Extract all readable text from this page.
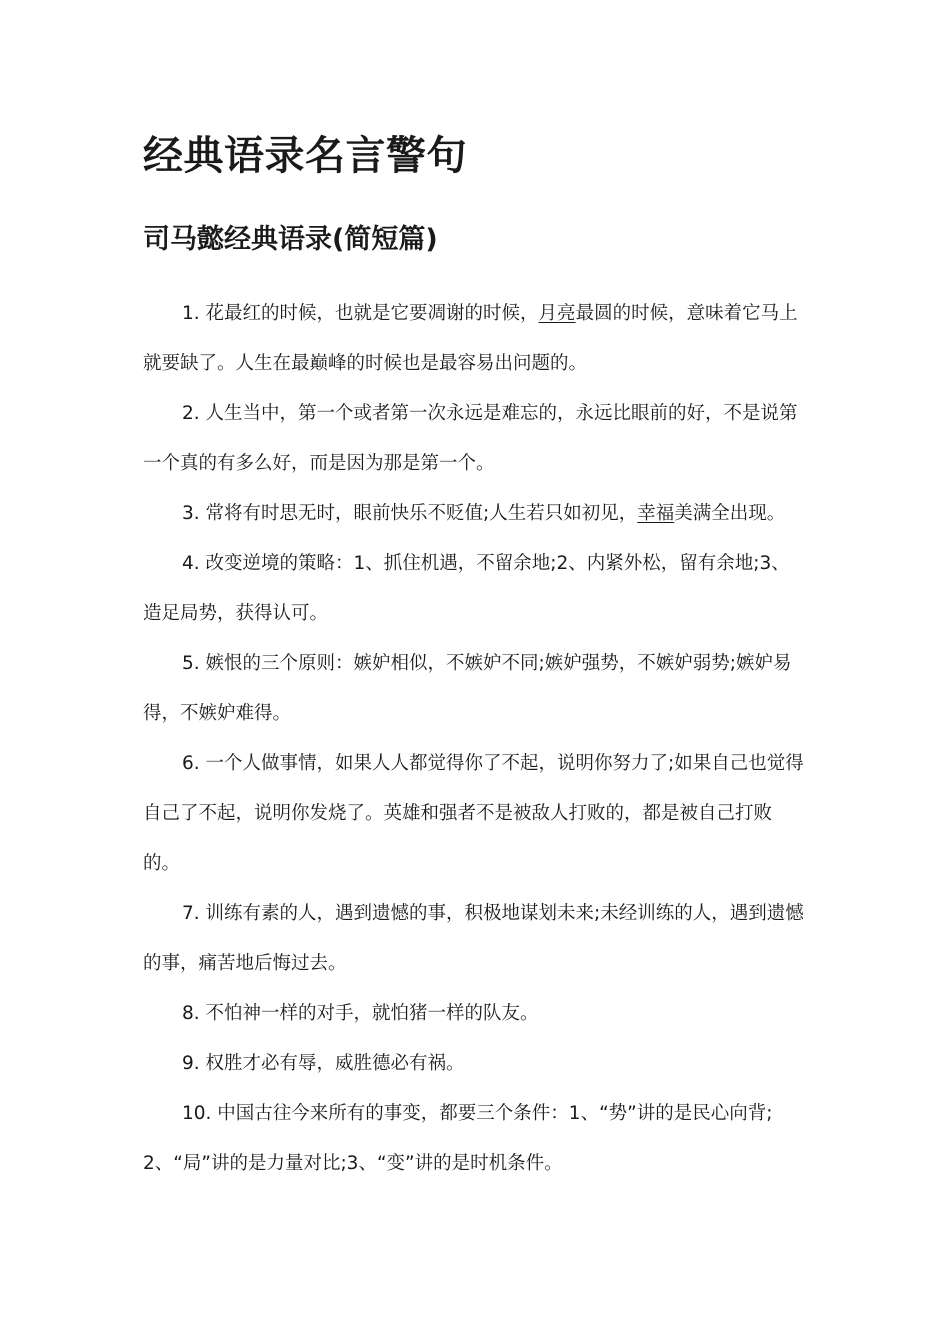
经典语录名言警句
司马懿经典语录(简短篇)

1. 花最红的时候，也就是它要凋谢的时候，月亮最圆的时候，意味着它马上就要缺了。人生在最巅峰的时候也是最容易出问题的。

2. 人生当中，第一个或者第一次永远是难忘的，永远比眼前的好，不是说第一个真的有多么好，而是因为那是第一个。

3. 常将有时思无时，眼前快乐不贬值;人生若只如初见，幸福美满全出现。

4. 改变逆境的策略：1、抓住机遇，不留余地;2、内紧外松，留有余地;3、造足局势，获得认可。

5. 嫉恨的三个原则：嫉妒相似，不嫉妒不同;嫉妒强势，不嫉妒弱势;嫉妒易得，不嫉妒难得。

6. 一个人做事情，如果人人都觉得你了不起，说明你努力了;如果自己也觉得自己了不起，说明你发烧了。英雄和强者不是被敌人打败的，都是被自己打败的。

7. 训练有素的人，遇到遗憾的事，积极地谋划未来;未经训练的人，遇到遗憾的事，痛苦地后悔过去。

8. 不怕神一样的对手，就怕猪一样的队友。

9. 权胜才必有辱，威胜德必有祸。

10. 中国古往今来所有的事变，都要三个条件：1、“势”讲的是民心向背;2、“局”讲的是力量对比;3、“变”讲的是时机条件。
